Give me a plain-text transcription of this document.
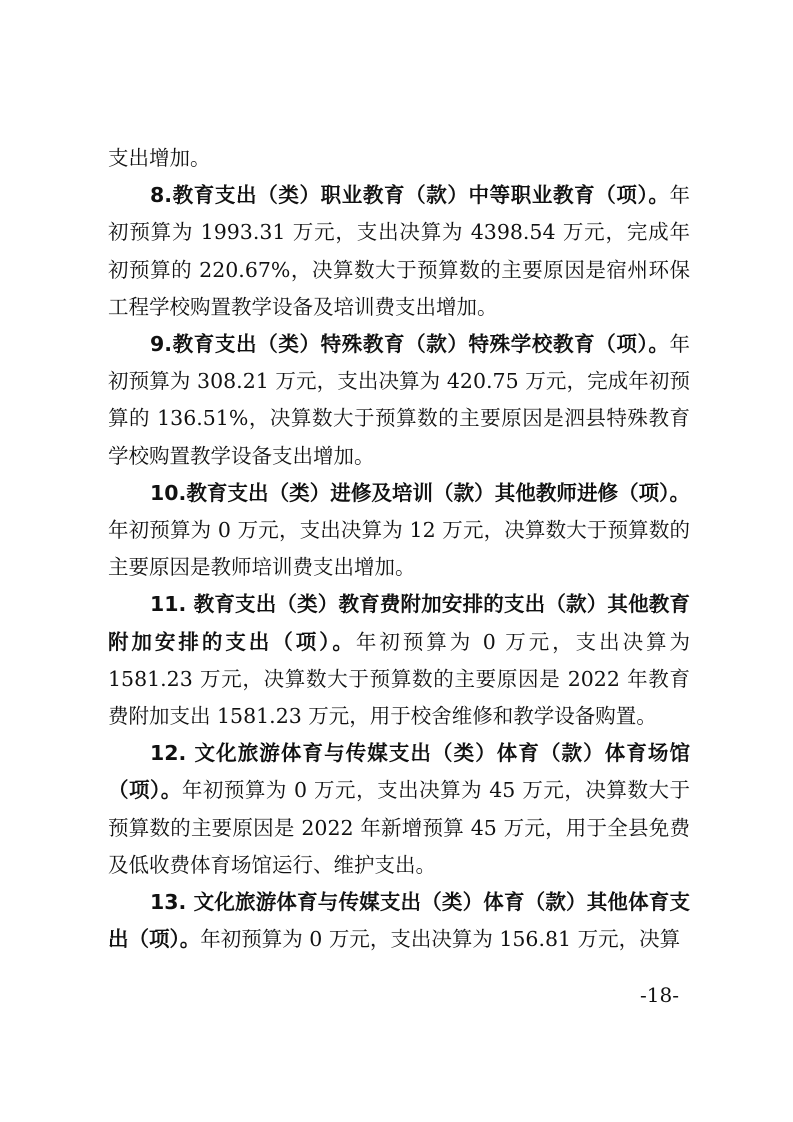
支出增加。

8.教育支出（类）职业教育（款）中等职业教育（项）。年初预算为 1993.31 万元，支出决算为 4398.54 万元，完成年初预算的 220.67%，决算数大于预算数的主要原因是宿州环保工程学校购置教学设备及培训费支出增加。

9.教育支出（类）特殊教育（款）特殊学校教育（项）。年初预算为 308.21 万元，支出决算为 420.75 万元，完成年初预算的 136.51%，决算数大于预算数的主要原因是泗县特殊教育学校购置教学设备支出增加。

10.教育支出（类）进修及培训（款）其他教师进修（项）。年初预算为 0 万元，支出决算为 12 万元，决算数大于预算数的主要原因是教师培训费支出增加。

11. 教育支出（类）教育费附加安排的支出（款）其他教育附加安排的支出（项）。年初预算为 0 万元，支出决算为 1581.23 万元，决算数大于预算数的主要原因是 2022 年教育费附加支出 1581.23 万元，用于校舍维修和教学设备购置。

12. 文化旅游体育与传媒支出（类）体育（款）体育场馆（项）。年初预算为 0 万元，支出决算为 45 万元，决算数大于预算数的主要原因是 2022 年新增预算 45 万元，用于全县免费及低收费体育场馆运行、维护支出。

13. 文化旅游体育与传媒支出（类）体育（款）其他体育支出（项）。年初预算为 0 万元，支出决算为 156.81 万元，决算

-18-
